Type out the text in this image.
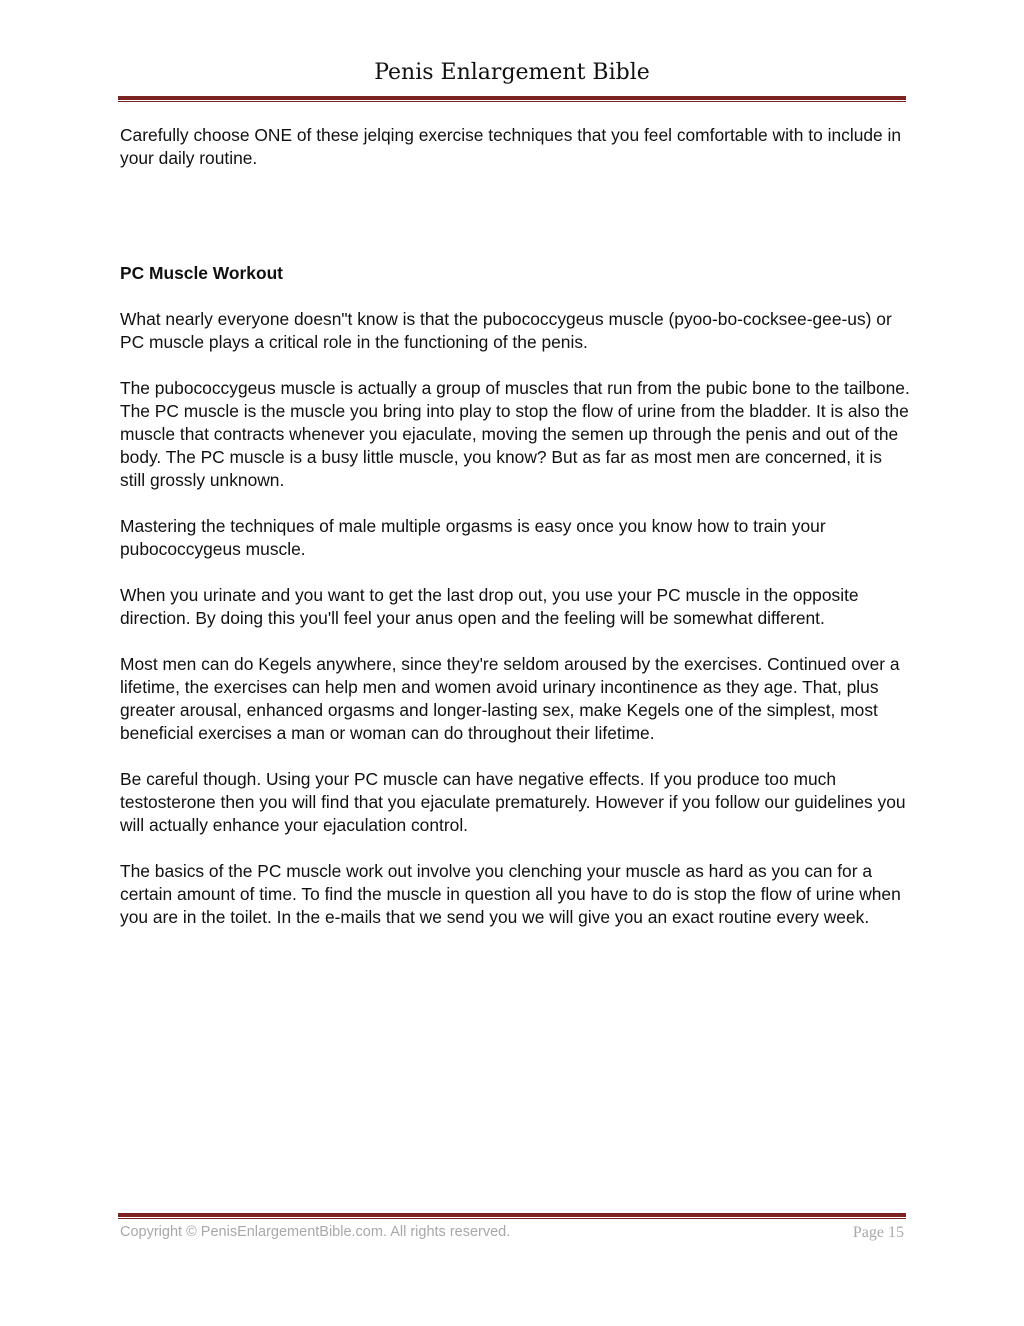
Penis Enlargement Bible

Carefully choose ONE of these jelqing exercise techniques that you feel comfortable with to include in your daily routine.

PC Muscle Workout

What nearly everyone doesn"t know is that the pubococcygeus muscle (pyoo-bo-cocksee-gee-us) or PC muscle plays a critical role in the functioning of the penis.

The pubococcygeus muscle is actually a group of muscles that run from the pubic bone to the tailbone. The PC muscle is the muscle you bring into play to stop the flow of urine from the bladder. It is also the muscle that contracts whenever you ejaculate, moving the semen up through the penis and out of the body. The PC muscle is a busy little muscle, you know? But as far as most men are concerned, it is still grossly unknown.

Mastering the techniques of male multiple orgasms is easy once you know how to train your pubococcygeus muscle.

When you urinate and you want to get the last drop out, you use your PC muscle in the opposite direction. By doing this you'll feel your anus open and the feeling will be somewhat different.

Most men can do Kegels anywhere, since they're seldom aroused by the exercises. Continued over a lifetime, the exercises can help men and women avoid urinary incontinence as they age. That, plus greater arousal, enhanced orgasms and longer-lasting sex, make Kegels one of the simplest, most beneficial exercises a man or woman can do throughout their lifetime.

Be careful though. Using your PC muscle can have negative effects. If you produce too much testosterone then you will find that you ejaculate prematurely. However if you follow our guidelines you will actually enhance your ejaculation control.

The basics of the PC muscle work out involve you clenching your muscle as hard as you can for a certain amount of time. To find the muscle in question all you have to do is stop the flow of urine when you are in the toilet. In the e-mails that we send you we will give you an exact routine every week.

Copyright © PenisEnlargementBible.com. All rights reserved.	Page 15
